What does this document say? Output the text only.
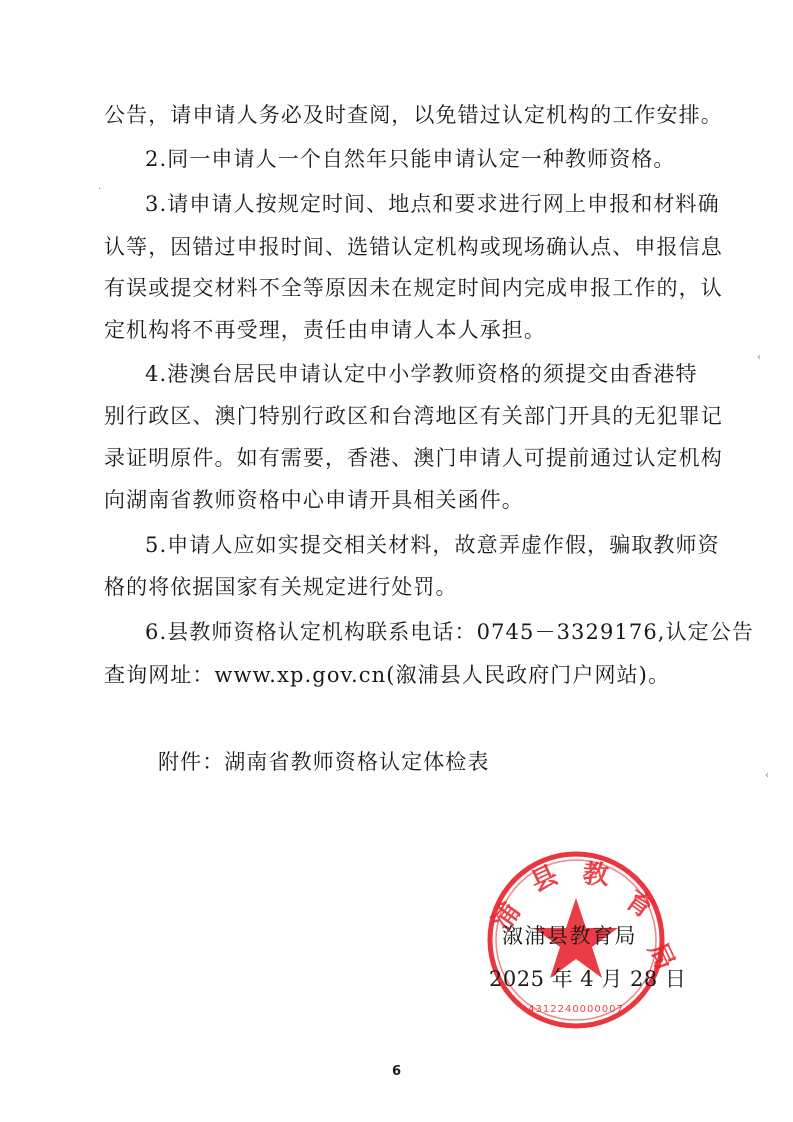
公告，请申请人务必及时查阅，以免错过认定机构的工作安排。
2.同一申请人一个自然年只能申请认定一种教师资格。
3.请申请人按规定时间、地点和要求进行网上申报和材料确
认等，因错过申报时间、选错认定机构或现场确认点、申报信息
有误或提交材料不全等原因未在规定时间内完成申报工作的，认
定机构将不再受理，责任由申请人本人承担。
4.港澳台居民申请认定中小学教师资格的须提交由香港特
别行政区、澳门特别行政区和台湾地区有关部门开具的无犯罪记
录证明原件。如有需要，香港、澳门申请人可提前通过认定机构
向湖南省教师资格中心申请开具相关函件。
5.申请人应如实提交相关材料，故意弄虚作假，骗取教师资
格的将依据国家有关规定进行处罚。
6.县教师资格认定机构联系电话：0745－3329176,认定公告
查询网址：www.xp.gov.cn(溆浦县人民政府门户网站)。
附件：湖南省教师资格认定体检表
浦
县 教
育
局
4312240000007
溆浦县教育局
2025 年 4 月 28 日
·
‹
‹
6
